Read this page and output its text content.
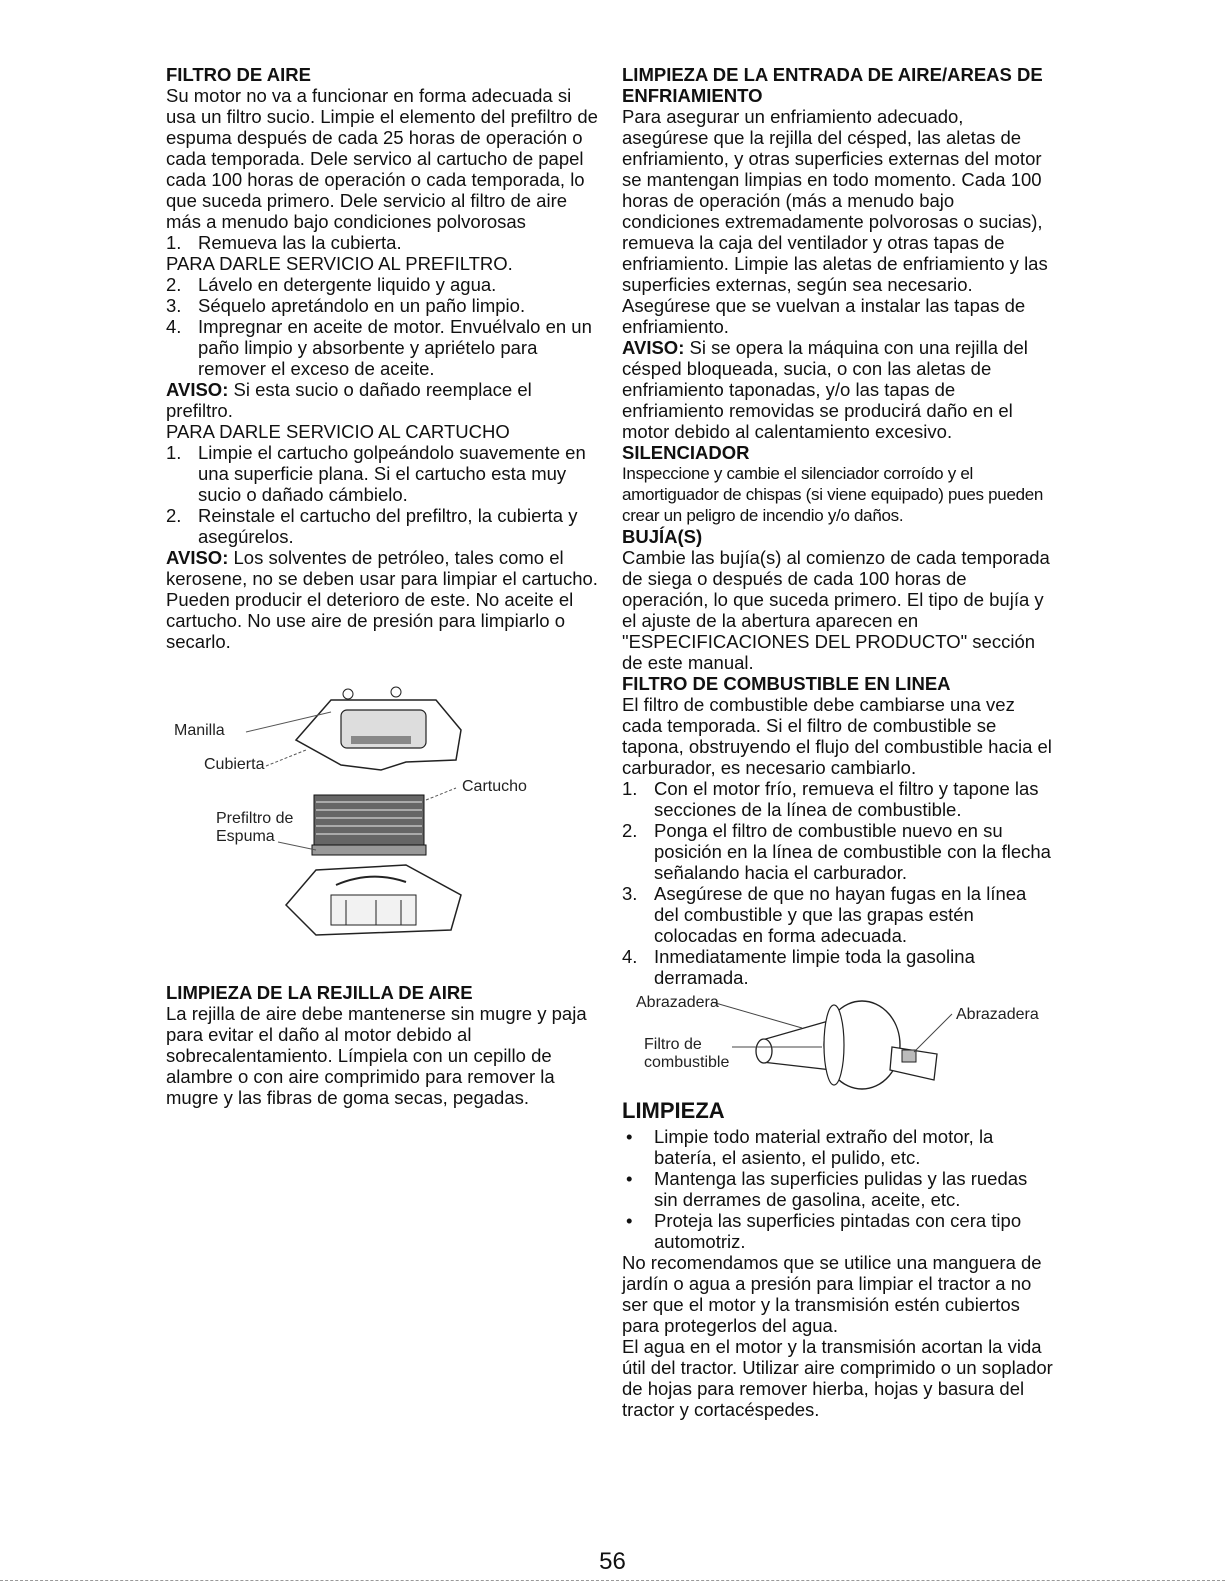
FILTRO DE AIRE

Su motor no va a funcionar en forma adecuada si usa un filtro sucio. Limpie el elemento del prefiltro de espuma después de cada 25 horas de operación o cada temporada. Dele servico al cartucho de papel cada 100 horas de operación o cada temporada, lo que suceda primero. Dele servicio al filtro de aire más a menudo bajo condiciones polvorosas

1. Remueva las la cubierta.

PARA DARLE SERVICIO AL PREFILTRO.

2. Lávelo en detergente liquido y agua.
3. Séquelo apretándolo en un paño limpio.
4. Impregnar en aceite de motor. Envuélvalo en un paño limpio y absorbente y apriételo para remover el exceso de aceite.

AVISO: Si esta sucio o dañado reemplace el prefiltro.

PARA DARLE SERVICIO AL CARTUCHO

1. Limpie el cartucho golpeándolo suavemente en una superficie plana. Si el cartucho esta muy sucio o dañado cámbielo.
2. Reinstale el cartucho del prefiltro, la cubierta y asegúrelos.

AVISO: Los solventes de petróleo, tales como el kerosene, no se deben usar para limpiar el cartucho. Pueden producir el deterioro de este. No aceite el cartucho. No use aire de presión para limpiarlo o secarlo.

Manilla
Cubierta
Cartucho
Prefiltro de
Espuma
LIMPIEZA DE LA REJILLA DE AIRE

La rejilla de aire debe mantenerse sin mugre y paja para evitar el daño al motor debido al sobrecalentamiento. Límpiela con un cepillo de alambre o con aire comprimido para remover la mugre y las fibras de goma secas, pegadas.

LIMPIEZA DE LA ENTRADA DE AIRE/AREAS DE ENFRIAMIENTO

Para asegurar un enfriamiento adecuado, asegúrese que la rejilla del césped, las aletas de enfriamiento, y otras superficies externas del motor se mantengan limpias en todo momento. Cada 100 horas de operación (más a menudo bajo condiciones extremadamente polvorosas o sucias), remueva la caja del ventilador y otras tapas de enfriamiento. Limpie las aletas de enfriamiento y las superficies externas, según sea necesario. Asegúrese que se vuelvan a instalar las tapas de enfriamiento.

AVISO: Si se opera la máquina con una rejilla del césped bloqueada, sucia, o con las aletas de enfriamiento taponadas, y/o las tapas de enfriamiento removidas se producirá daño en el motor debido al calentamiento excesivo.

SILENCIADOR

Inspeccione y cambie el silenciador corroído y el amortiguador de chispas (si viene equipado) pues pueden crear un peligro de incendio y/o daños.

BUJÍA(S)

Cambie las bujía(s) al comienzo de cada temporada de siega o después de cada 100 horas de operación, lo que suceda primero. El tipo de bujía y el ajuste de la abertura aparecen en "ESPECIFICACIONES DEL PRODUCTO" sección de este manual.

FILTRO DE COMBUSTIBLE EN LINEA

El filtro de combustible debe cambiarse una vez cada temporada. Si el filtro de combustible se tapona, obstruyendo el flujo del combustible hacia el carburador, es necesario cambiarlo.

1. Con el motor frío, remueva el filtro y tapone las secciones de la línea de combustible.
2. Ponga el filtro de combustible nuevo en su posición en la línea de combustible con la flecha señalando hacia el carburador.
3. Asegúrese de que no hayan fugas en la línea del combustible y que las grapas estén colocadas en forma adecuada.
4. Inmediatamente limpie toda la gasolina derramada.
Abrazadera
Abrazadera
Filtro de
combustible
LIMPIEZA
• Limpie todo material extraño del motor, la batería, el asiento, el pulido, etc.
• Mantenga las superficies pulidas y las ruedas sin derrames de gasolina, aceite, etc.
• Proteja las superficies pintadas con cera tipo automotriz.

No recomendamos que se utilice una manguera de jardín o agua a presión para limpiar el tractor a no ser que el motor y la transmisión estén cubiertos para protegerlos del agua.

El agua en el motor y la transmisión acortan la vida útil del tractor. Utilizar aire comprimido o un soplador de hojas para remover hierba, hojas y basura del tractor y cortacéspedes.

56
